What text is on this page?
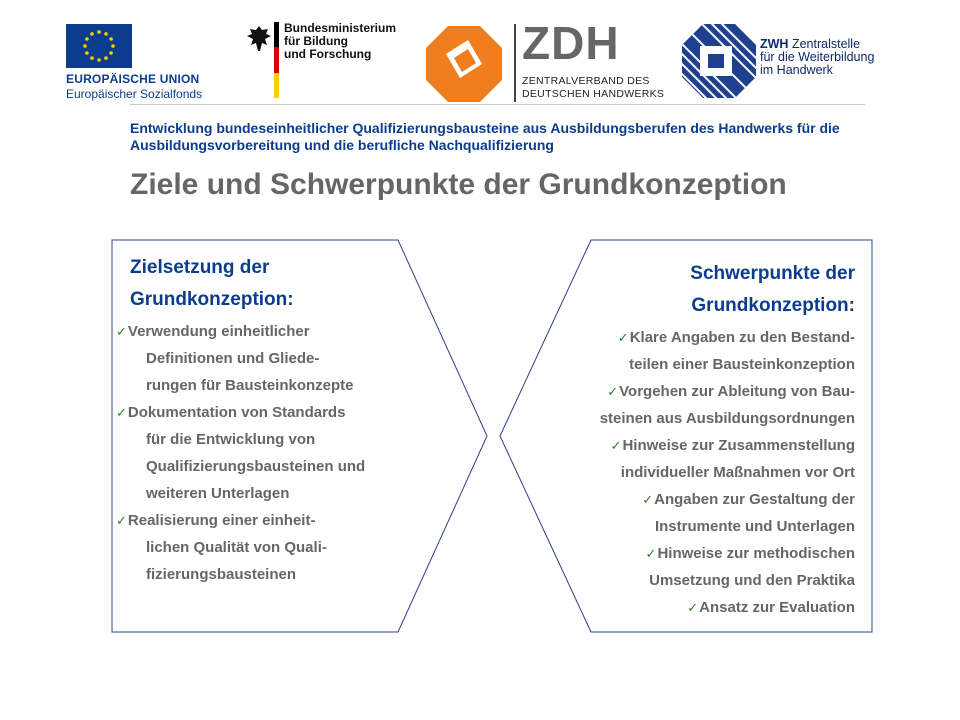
EUROPÄISCHE UNION
Europäischer Sozialfonds
Bundesministerium
für Bildung
und Forschung	ZDH
ZENTRALVERBAND DES
DEUTSCHEN HANDWERKS
ZWH Zentralstelle
für die Weiterbildung
im Handwerk
Entwicklung bundeseinheitlicher Qualifizierungsbausteine aus Ausbildungsberufen des Handwerks für die Ausbildungsvorbereitung und die berufliche Nachqualifizierung
Ziele und Schwerpunkte der Grundkonzeption
Zielsetzung der
Grundkonzeption:
✓Verwendung einheitlicher
Definitionen und Gliede-
rungen für Bausteinkonzepte
✓Dokumentation von Standards
für die Entwicklung von
Qualifizierungsbausteinen und
weiteren Unterlagen
✓Realisierung einer einheit-
lichen Qualität von Quali-
fizierungsbausteinen
Schwerpunkte der
Grundkonzeption:
✓Klare Angaben zu den Bestand-
teilen einer Bausteinkonzeption
✓Vorgehen zur Ableitung von Bau-
steinen aus Ausbildungsordnungen
✓Hinweise zur Zusammenstellung
individueller Maßnahmen vor Ort
✓Angaben zur Gestaltung der
Instrumente und Unterlagen
✓Hinweise zur methodischen
Umsetzung und den Praktika
✓Ansatz zur Evaluation
